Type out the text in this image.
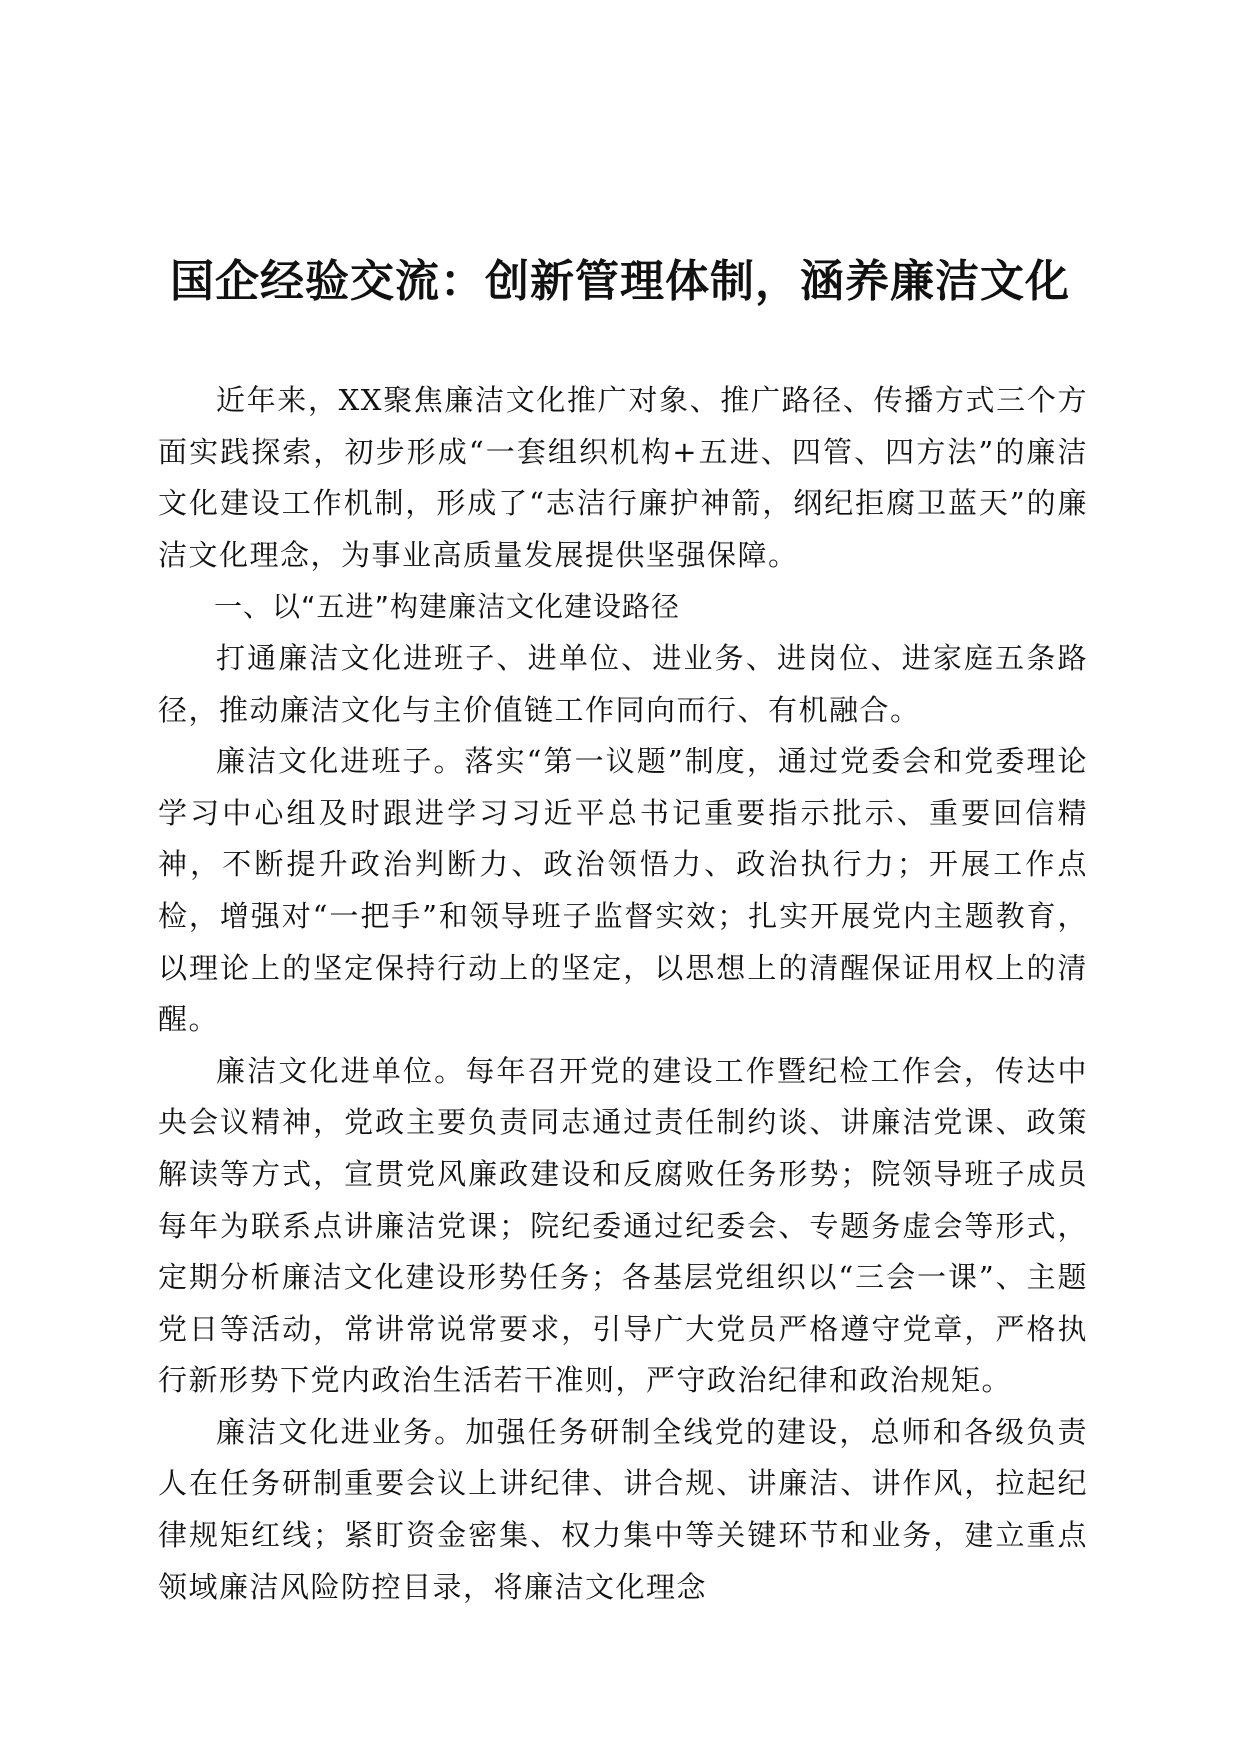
国企经验交流：创新管理体制，涵养廉洁文化

近年来，XX聚焦廉洁文化推广对象、推广路径、传播方式三个方面实践探索，初步形成“一套组织机构+五进、四管、四方法”的廉洁文化建设工作机制，形成了“志洁行廉护神箭，纲纪拒腐卫蓝天”的廉洁文化理念，为事业高质量发展提供坚强保障。

一、以“五进”构建廉洁文化建设路径

打通廉洁文化进班子、进单位、进业务、进岗位、进家庭五条路径，推动廉洁文化与主价值链工作同向而行、有机融合。

廉洁文化进班子。落实“第一议题”制度，通过党委会和党委理论学习中心组及时跟进学习习近平总书记重要指示批示、重要回信精神，不断提升政治判断力、政治领悟力、政治执行力；开展工作点检，增强对“一把手”和领导班子监督实效；扎实开展党内主题教育，以理论上的坚定保持行动上的坚定，以思想上的清醒保证用权上的清醒。

廉洁文化进单位。每年召开党的建设工作暨纪检工作会，传达中央会议精神，党政主要负责同志通过责任制约谈、讲廉洁党课、政策解读等方式，宣贯党风廉政建设和反腐败任务形势；院领导班子成员每年为联系点讲廉洁党课；院纪委通过纪委会、专题务虚会等形式，定期分析廉洁文化建设形势任务；各基层党组织以“三会一课”、主题党日等活动，常讲常说常要求，引导广大党员严格遵守党章，严格执行新形势下党内政治生活若干准则，严守政治纪律和政治规矩。

廉洁文化进业务。加强任务研制全线党的建设，总师和各级负责人在任务研制重要会议上讲纪律、讲合规、讲廉洁、讲作风，拉起纪律规矩红线；紧盯资金密集、权力集中等关键环节和业务，建立重点领域廉洁风险防控目录，将廉洁文化理念
